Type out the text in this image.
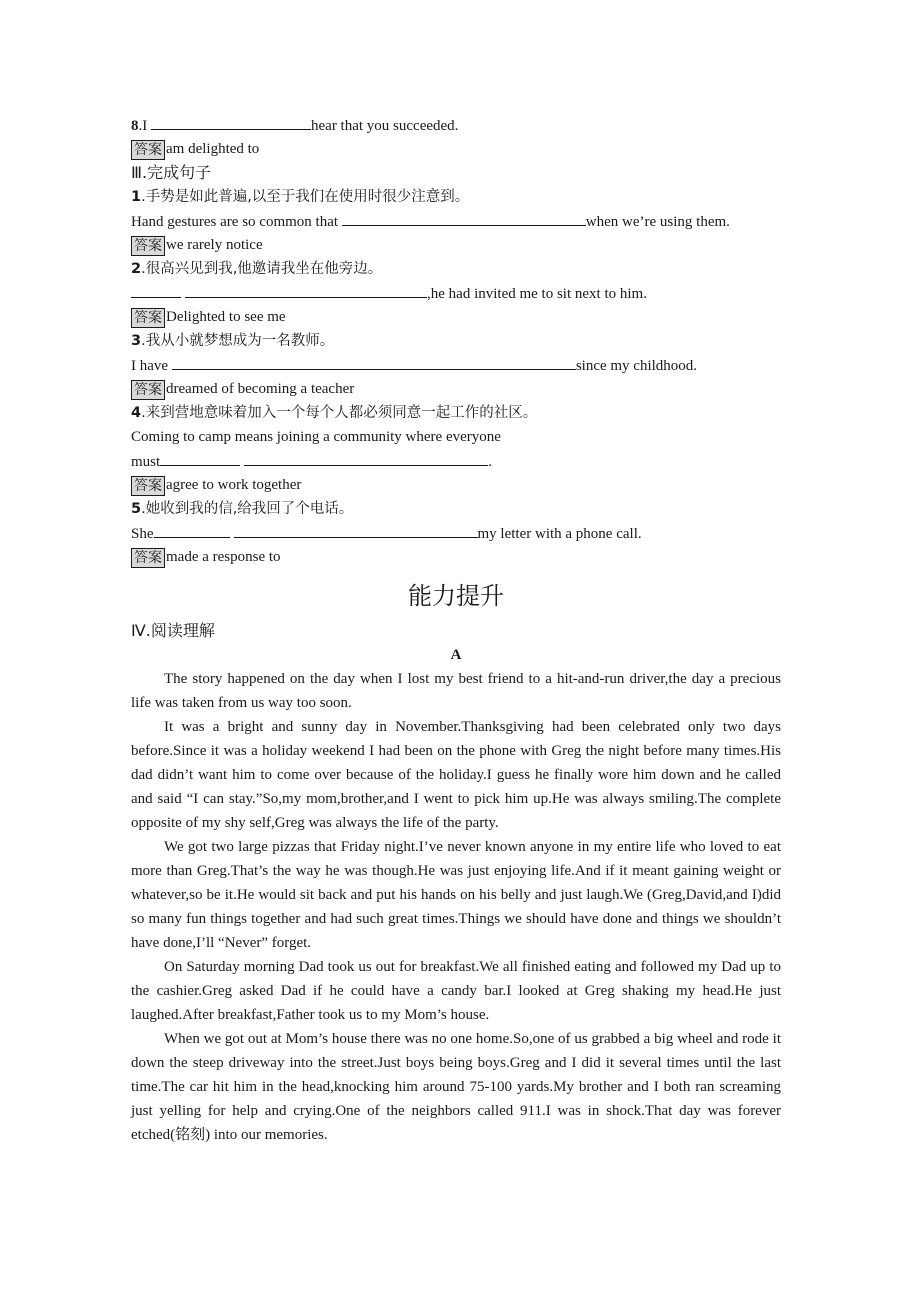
8.I	hear that you succeeded.
答案 am delighted to
Ⅲ.完成句子
1.手势是如此普遍,以至于我们在使用时很少注意到。
Hand gestures are so common that	when we’re using them.
答案 we rarely notice
2.很高兴见到我,他邀请我坐在他旁边。
,he had invited me to sit next to him.
答案 Delighted to see me
3.我从小就梦想成为一名教师。
I have	since my childhood.
答案 dreamed of becoming a teacher
4.来到营地意味着加入一个每个人都必须同意一起工作的社区。
Coming to camp means joining a community where everyone
must	.
答案 agree to work together
5.她收到我的信,给我回了个电话。
She	my letter with a phone call.
答案 made a response to
能力提升
Ⅳ.阅读理解
A

The story happened on the day when I lost my best friend to a hit-and-run driver,the day a precious life was taken from us way too soon.

It was a bright and sunny day in November.Thanksgiving had been celebrated only two days before.Since it was a holiday weekend I had been on the phone with Greg the night before many times.His dad didn’t want him to come over because of the holiday.I guess he finally wore him down and he called and said “I can stay.”So,my mom,brother,and I went to pick him up.He was always smiling.The complete opposite of my shy self,Greg was always the life of the party.

We got two large pizzas that Friday night.I’ve never known anyone in my entire life who loved to eat more than Greg.That’s the way he was though.He was just enjoying life.And if it meant gaining weight or whatever,so be it.He would sit back and put his hands on his belly and just laugh.We (Greg,David,and I)did so many fun things together and had such great times.Things we should have done and things we shouldn’t have done,I’ll “Never” forget.

On Saturday morning Dad took us out for breakfast.We all finished eating and followed my Dad up to the cashier.Greg asked Dad if he could have a candy bar.I looked at Greg shaking my head.He just laughed.After breakfast,Father took us to my Mom’s house.

When we got out at Mom’s house there was no one home.So,one of us grabbed a big wheel and rode it down the steep driveway into the street.Just boys being boys.Greg and I did it several times until the last time.The car hit him in the head,knocking him around 75-100 yards.My brother and I both ran screaming just yelling for help and crying.One of the neighbors called 911.I was in shock.That day was forever etched(铭刻) into our memories.
